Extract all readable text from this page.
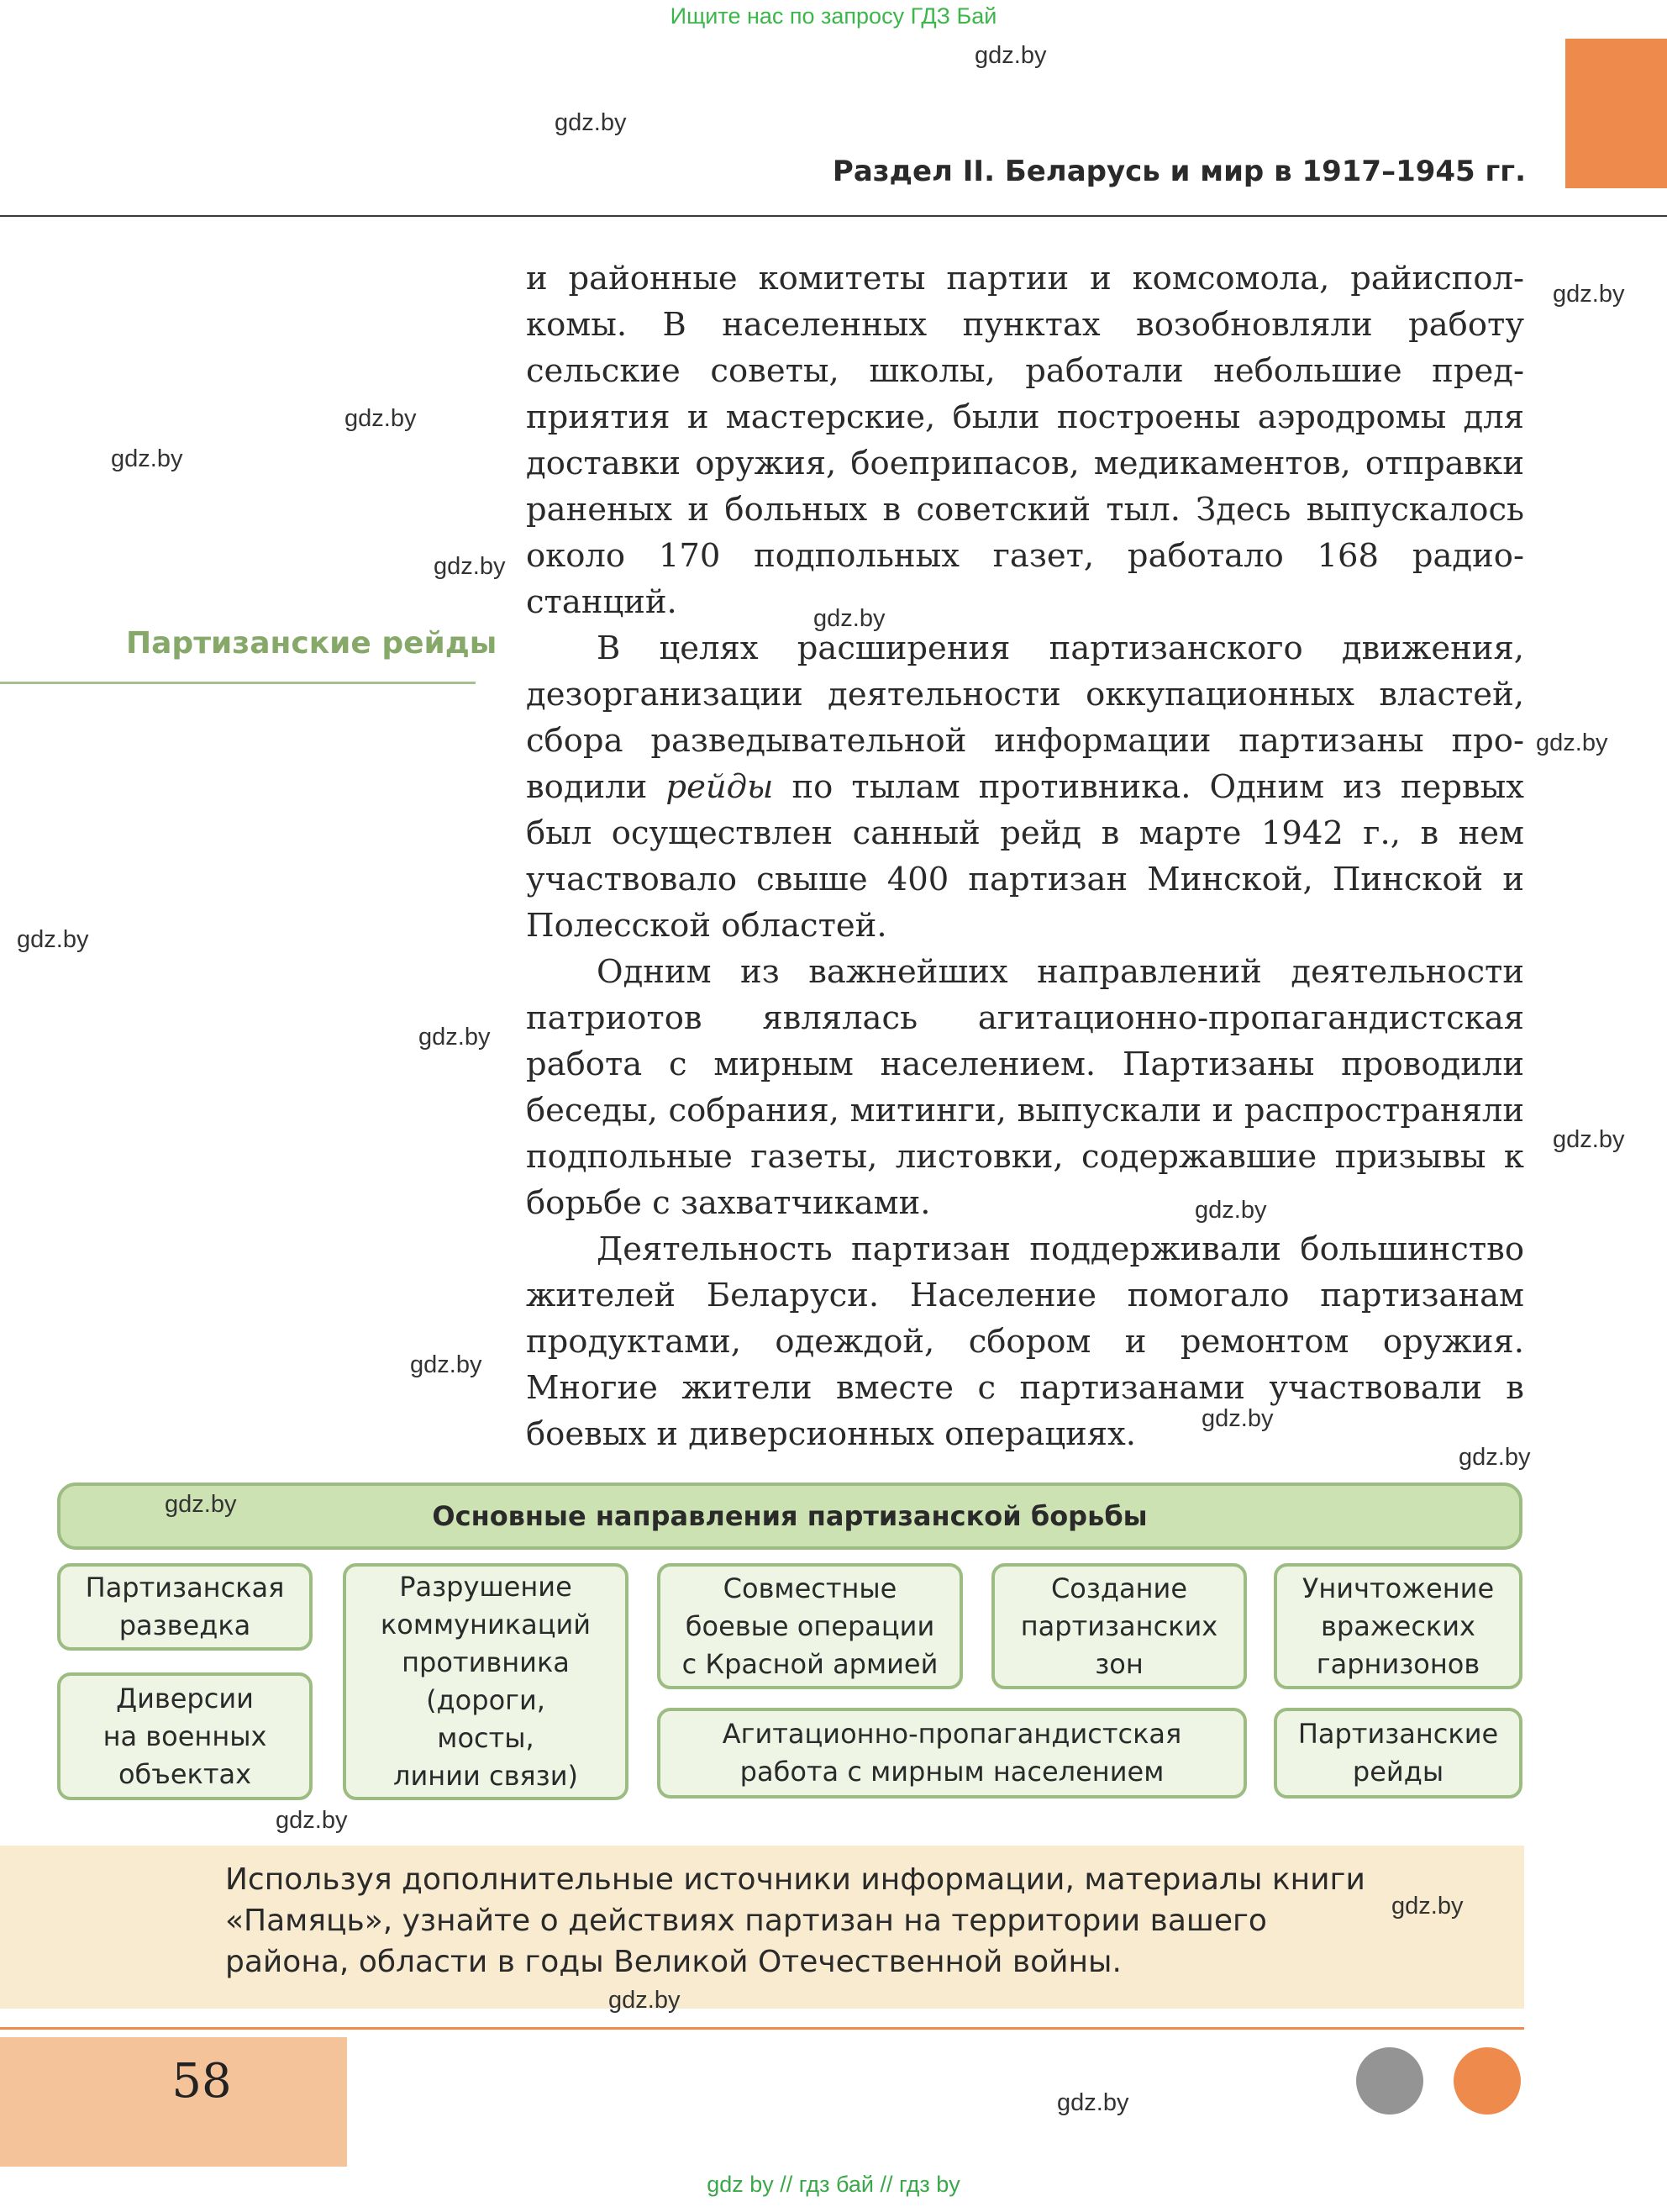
Ищите нас по запросу ГДЗ Бай
Раздел II. Беларусь и мир в 1917–1945 гг.
Партизанские рейды

и районные комитеты партии и комсомола, райисполкомы. В населенных пунктах возобновляли работу сельские советы, школы, работали небольшие предприятия и мастерские, были построены аэродромы для доставки оружия, боеприпасов, медикаментов, отправки раненых и больных в советский тыл. Здесь выпускалось около 170 подпольных газет, работало 168 радиостанций.

В целях расширения партизанского движения, дезорганизации деятельности оккупационных властей, сбора разведывательной информации партизаны проводили рейды по тылам противника. Одним из первых был осуществлен санный рейд в марте 1942 г., в нем участвовало свыше 400 партизан Минской, Пинской и Полесской областей.

Одним из важнейших направлений деятельности патриотов являлась агитационно-пропагандистская работа с мирным населением. Партизаны проводили беседы, собрания, митинги, выпускали и распространяли подпольные газеты, листовки, содержавшие призывы к борьбе с захватчиками.

Деятельность партизан поддерживали большинство жителей Беларуси. Население помогало партизанам продуктами, одеждой, сбором и ремонтом оружия. Многие жители вместе с партизанами участвовали в боевых и диверсионных операциях.

Основные направления партизанской борьбы
Партизанская
разведка
Диверсии
на военных
объектах
Разрушение
коммуникаций
противника
(дороги,
мосты,
линии связи)
Совместные
боевые операции
с Красной армией
Создание
партизанских
зон
Уничтожение
вражеских
гарнизонов
Агитационно-пропагандистская
работа с мирным населением
Партизанские
рейды
Используя дополнительные источники информации, материалы книги «Памяць», узнайте о действиях партизан на территории вашего района, области в годы Великой Отечественной войны.
58
gdz by // гдз бай // гдз by
gdz.by
gdz.by
gdz.by
gdz.by
gdz.by
gdz.by
gdz.by
gdz.by
gdz.by
gdz.by
gdz.by
gdz.by
gdz.by
gdz.by
gdz.by
gdz.by
gdz.by
gdz.by
gdz.by
gdz.by
